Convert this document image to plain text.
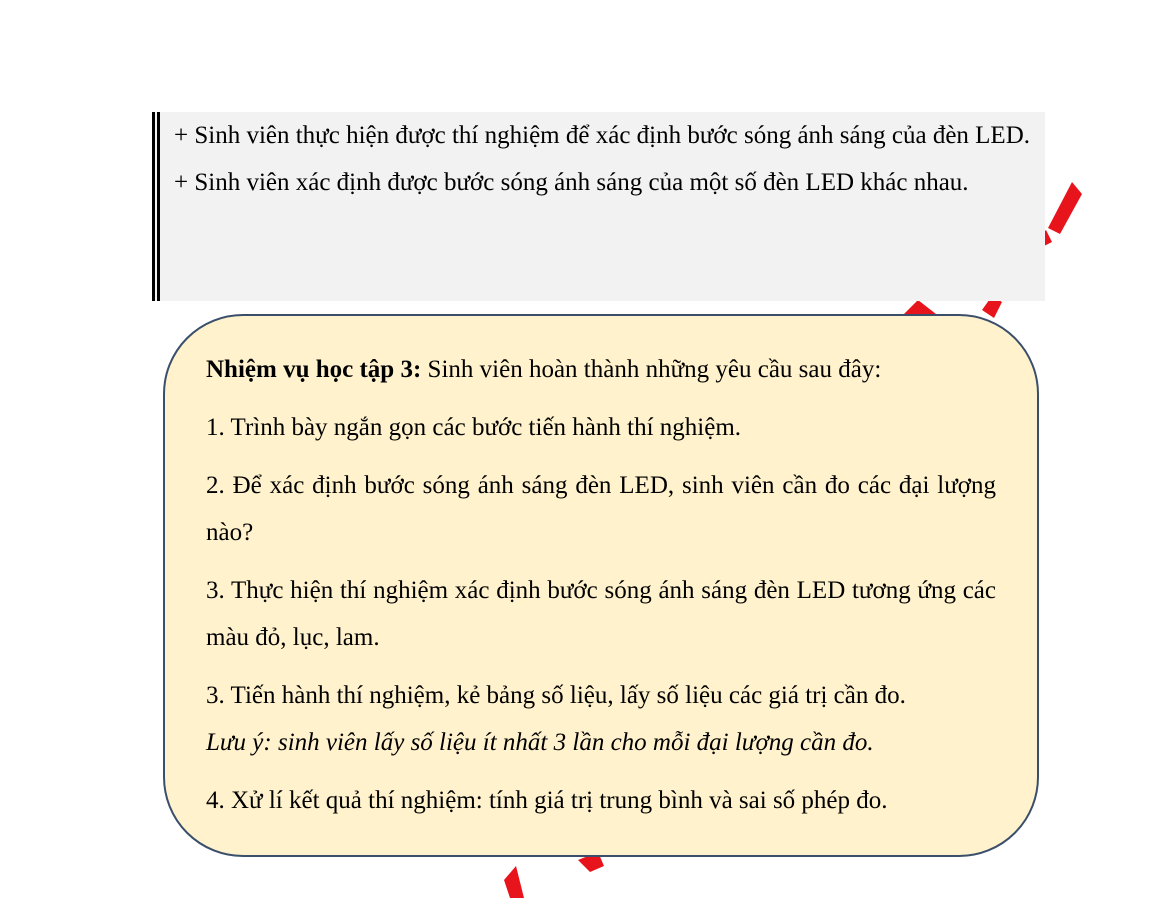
+ Sinh viên thực hiện được thí nghiệm để xác định bước sóng ánh sáng của đèn LED.

+ Sinh viên xác định được bước sóng ánh sáng của một số đèn LED khác nhau.

Nhiệm vụ học tập 3: Sinh viên hoàn thành những yêu cầu sau đây:

1. Trình bày ngắn gọn các bước tiến hành thí nghiệm.

2. Để xác định bước sóng ánh sáng đèn LED, sinh viên cần đo các đại lượng nào?

3. Thực hiện thí nghiệm xác định bước sóng ánh sáng đèn LED tương ứng các màu đỏ, lục, lam.

3. Tiến hành thí nghiệm, kẻ bảng số liệu, lấy số liệu các giá trị cần đo.
Lưu ý: sinh viên lấy số liệu ít nhất 3 lần cho mỗi đại lượng cần đo.

4. Xử lí kết quả thí nghiệm: tính giá trị trung bình và sai số phép đo.
